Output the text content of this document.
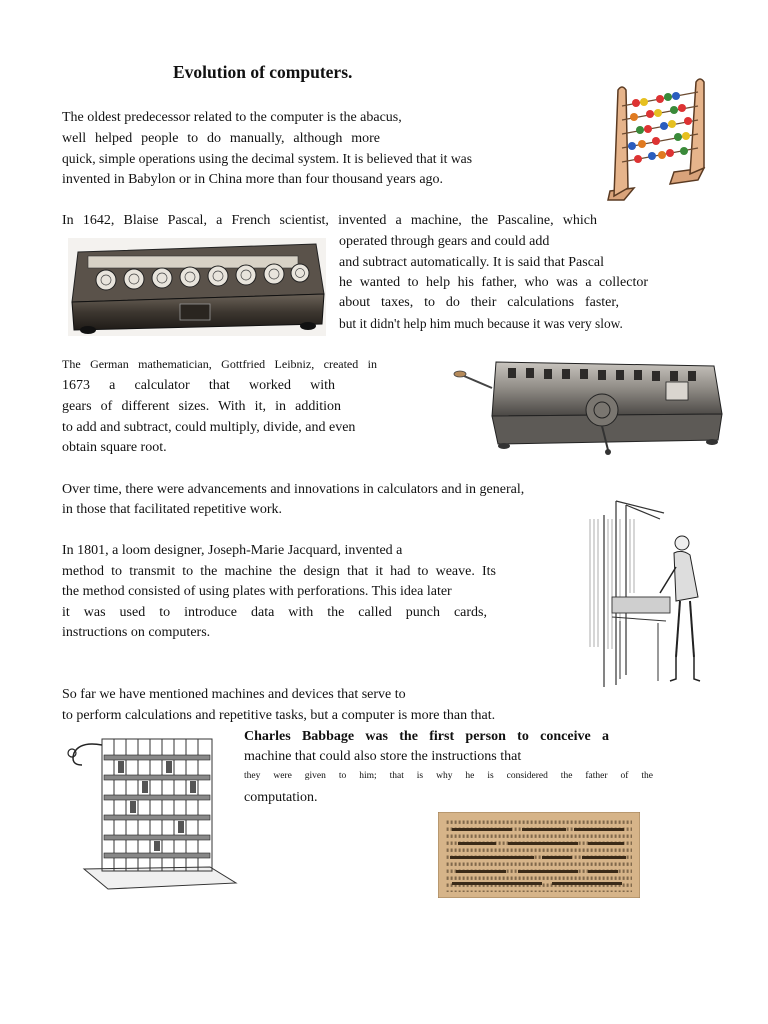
Evolution of computers.

The oldest predecessor related to the computer is the abacus,

well helped people to do manually, although more

quick, simple operations using the decimal system. It is believed that it was

invented in Babylon or in China more than four thousand years ago.

In 1642, Blaise Pascal, a French scientist, invented a machine, the Pascaline, which

operated through gears and could add

and subtract automatically. It is said that Pascal

he wanted to help his father, who was a collector

about taxes, to do their calculations faster,

but it didn't help him much because it was very slow.

The German mathematician, Gottfried Leibniz, created in

1673 a calculator that worked with

gears of different sizes. With it, in addition

to add and subtract, could multiply, divide, and even

obtain square root.

Over time, there were advancements and innovations in calculators and in general,

in those that facilitated repetitive work.

In 1801, a loom designer, Joseph-Marie Jacquard, invented a

method to transmit to the machine the design that it had to weave. Its

the method consisted of using plates with perforations. This idea later

it was used to introduce data with the called punch cards,

instructions on computers.

So far we have mentioned machines and devices that serve to

to perform calculations and repetitive tasks, but a computer is more than that.

Charles Babbage was the first person to conceive a

machine that could also store the instructions that

they were given to him; that is why he is considered the father of the

computation.
